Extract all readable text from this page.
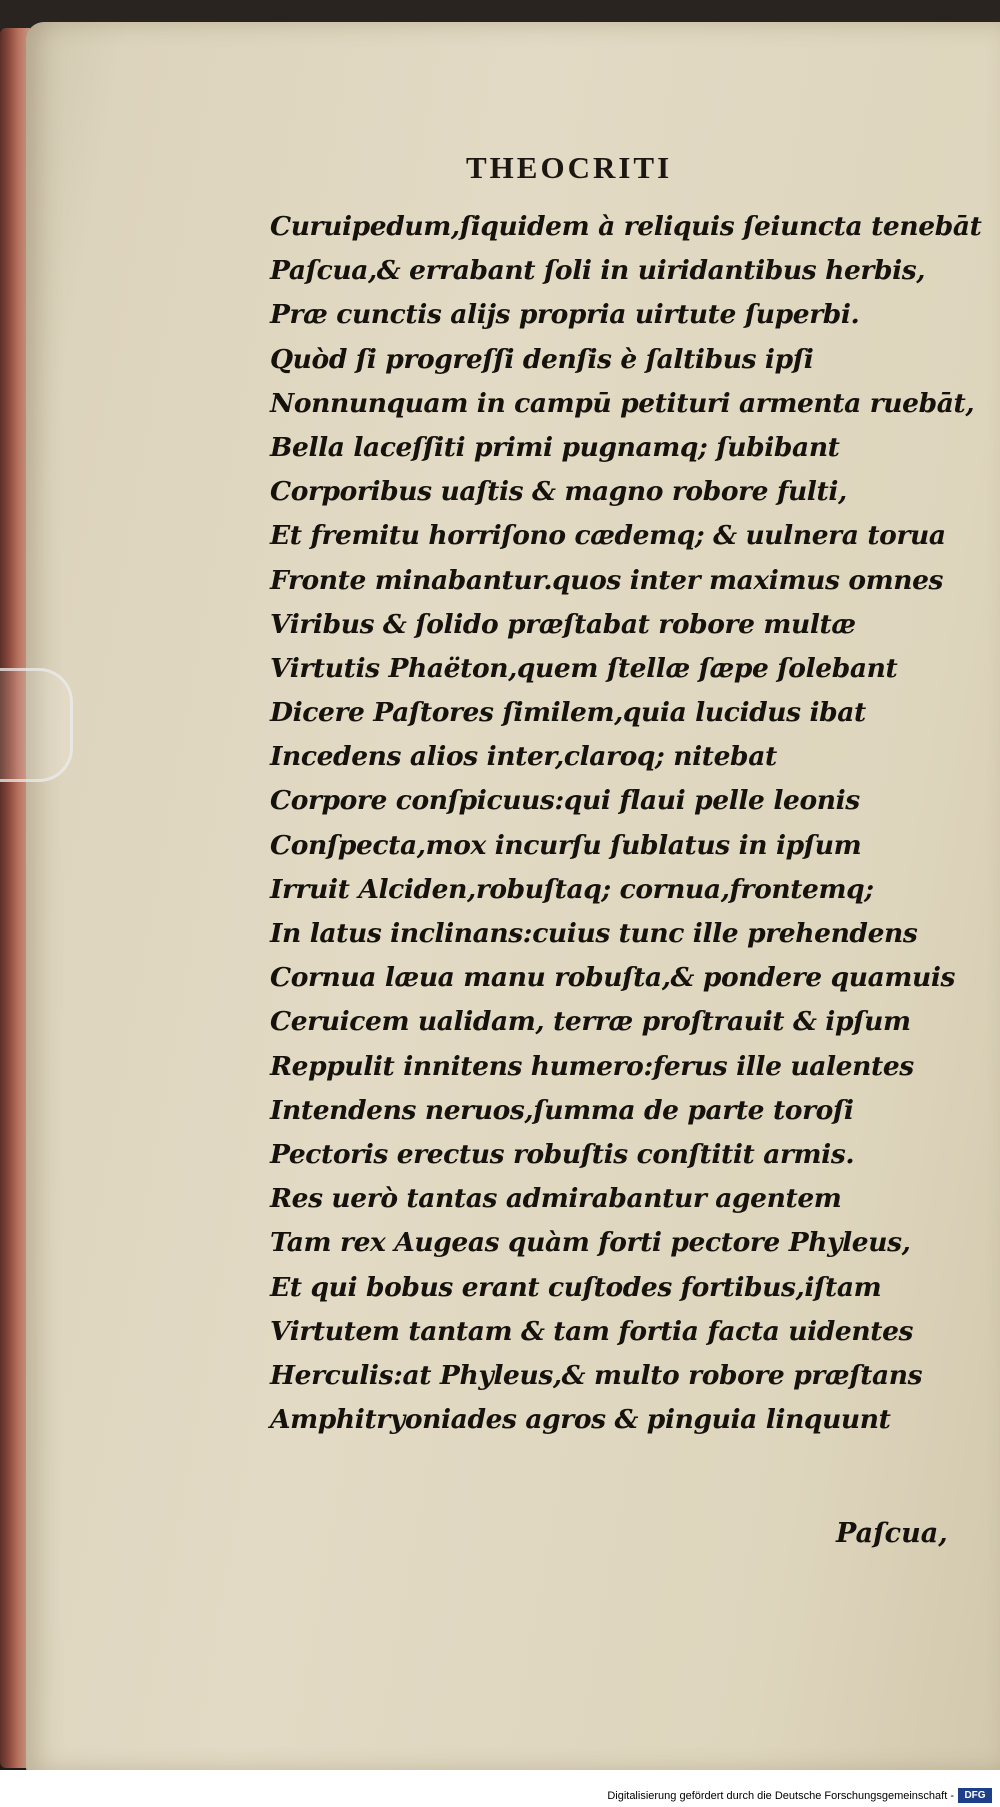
THEOCRITI
Curuipedum,ſiquidem à reliquis ſeiuncta tenebāt
Paſcua,& errabant ſoli in uiridantibus herbis,
Præ cunctis alijs propria uirtute ſuperbi.
Quòd ſi progreſſi denſis è ſaltibus ipſi
Nonnunquam in campū petituri armenta ruebāt,
Bella laceſſiti primi pugnamq; ſubibant
Corporibus uaſtis & magno robore fulti,
Et fremitu horriſono cædemq; & uulnera torua
Fronte minabantur.quos inter maximus omnes
Viribus & ſolido præſtabat robore multæ
Virtutis Phaëton,quem ſtellæ ſæpe ſolebant
Dicere Paſtores ſimilem,quia lucidus ibat
Incedens alios inter,claroq; nitebat
Corpore conſpicuus:qui flaui pelle leonis
Conſpecta,mox incurſu ſublatus in ipſum
Irruit Alciden,robuſtaq; cornua,frontemq;
In latus inclinans:cuius tunc ille prehendens
Cornua læua manu robuſta,& pondere quamuis
Ceruicem ualidam, terræ proſtrauit & ipſum
Reppulit innitens humero:ferus ille ualentes
Intendens neruos,ſumma de parte toroſi
Pectoris erectus robuſtis conſtitit armis.
Res uerò tantas admirabantur agentem
Tam rex Augeas quàm forti pectore Phyleus,
Et qui bobus erant cuſtodes fortibus,iſtam
Virtutem tantam & tam fortia facta uidentes
Herculis:at Phyleus,& multo robore præſtans
Amphitryoniades agros & pinguia linquunt
Paſcua,
Digitalisierung gefördert durch die Deutsche Forschungsgemeinschaft -	DFG
